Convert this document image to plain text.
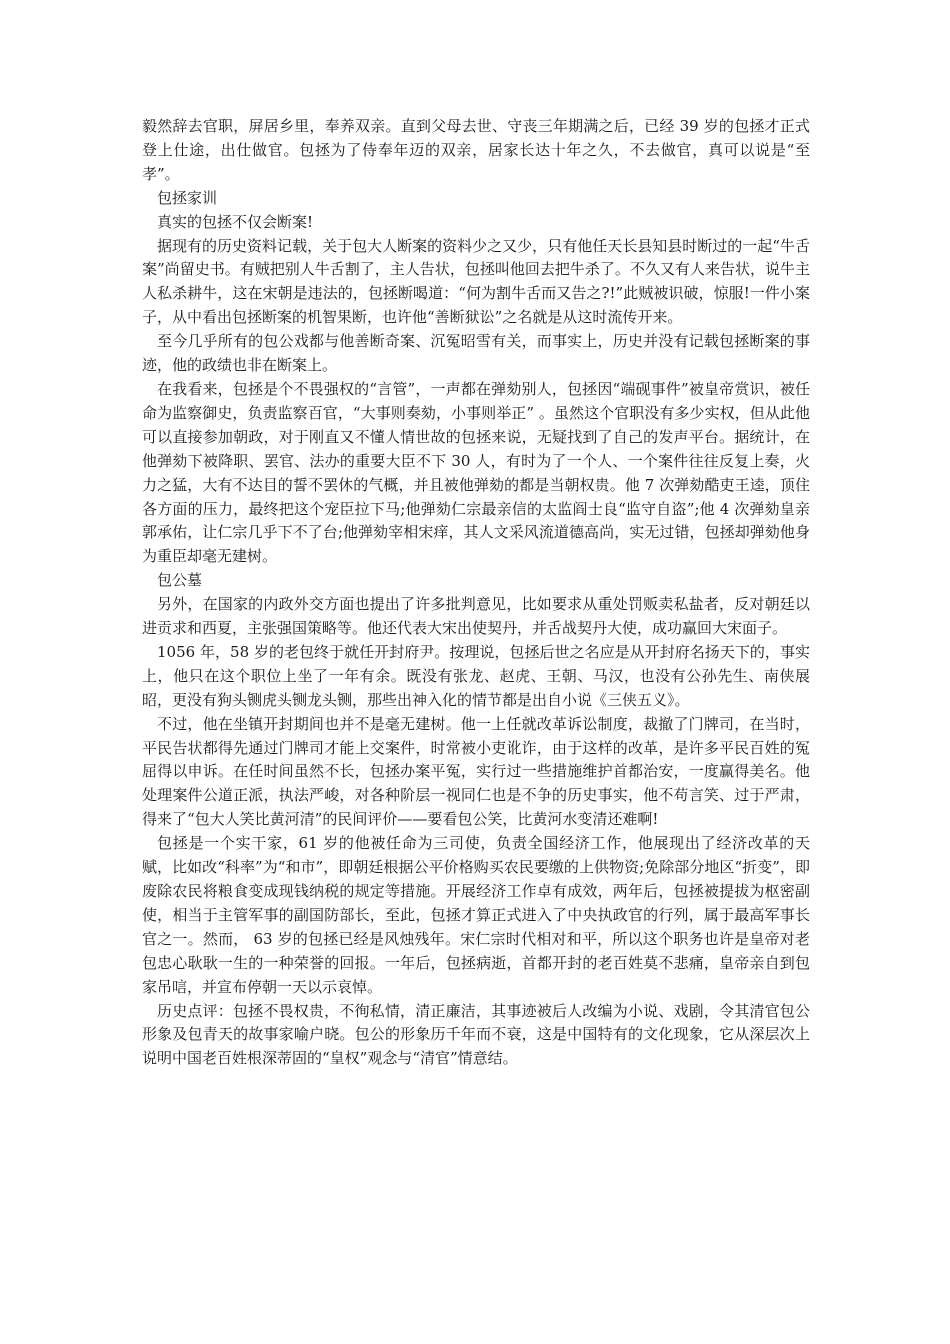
毅然辞去官职，屏居乡里，奉养双亲。直到父母去世、守丧三年期满之后，已经 39 岁的包拯才正式登上仕途，出仕做官。包拯为了侍奉年迈的双亲，居家长达十年之久，不去做官，真可以说是“至孝”。

包拯家训

真实的包拯不仅会断案!

据现有的历史资料记载，关于包大人断案的资料少之又少，只有他任天长县知县时断过的一起“牛舌案”尚留史书。有贼把别人牛舌割了，主人告状，包拯叫他回去把牛杀了。不久又有人来告状，说牛主人私杀耕牛，这在宋朝是违法的，包拯断喝道：“何为割牛舌而又告之?!”此贼被识破，惊服!一件小案子，从中看出包拯断案的机智果断，也许他“善断狱讼”之名就是从这时流传开来。

至今几乎所有的包公戏都与他善断奇案、沉冤昭雪有关，而事实上，历史并没有记载包拯断案的事迹，他的政绩也非在断案上。

在我看来，包拯是个不畏强权的“言管”，一声都在弹劾别人，包拯因“端砚事件”被皇帝赏识，被任命为监察御史，负责监察百官，“大事则奏劾，小事则举正” 。虽然这个官职没有多少实权，但从此他可以直接参加朝政，对于刚直又不懂人情世故的包拯来说，无疑找到了自己的发声平台。据统计，在他弹劾下被降职、罢官、法办的重要大臣不下 30 人，有时为了一个人、一个案件往往反复上奏，火力之猛，大有不达目的誓不罢休的气概，并且被他弹劾的都是当朝权贵。他 7 次弹劾酷吏王逵，顶住各方面的压力，最终把这个宠臣拉下马;他弹劾仁宗最亲信的太监阎士良“监守自盗”;他 4 次弹劾皇亲郭承佑，让仁宗几乎下不了台;他弹劾宰相宋痒，其人文采风流道德高尚，实无过错，包拯却弹劾他身为重臣却毫无建树。

包公墓

另外，在国家的内政外交方面也提出了许多批判意见，比如要求从重处罚贩卖私盐者，反对朝廷以进贡求和西夏，主张强国策略等。他还代表大宋出使契丹，并舌战契丹大使，成功赢回大宋面子。

1056 年，58 岁的老包终于就任开封府尹。按理说，包拯后世之名应是从开封府名扬天下的，事实上，他只在这个职位上坐了一年有余。既没有张龙、赵虎、王朝、马汉，也没有公孙先生、南侠展昭，更没有狗头铡虎头铡龙头铡，那些出神入化的情节都是出自小说《三侠五义》。

不过，他在坐镇开封期间也并不是毫无建树。他一上任就改革诉讼制度，裁撤了门牌司，在当时，平民告状都得先通过门牌司才能上交案件，时常被小吏讹诈，由于这样的改革，是许多平民百姓的冤屈得以申诉。在任时间虽然不长，包拯办案平冤，实行过一些措施维护首都治安，一度赢得美名。他处理案件公道正派，执法严峻，对各种阶层一视同仁也是不争的历史事实，他不苟言笑、过于严肃，得来了“包大人笑比黄河清”的民间评价——要看包公笑，比黄河水变清还难啊!

包拯是一个实干家，61 岁的他被任命为三司使，负责全国经济工作，他展现出了经济改革的天赋，比如改“科率”为“和市”，即朝廷根据公平价格购买农民要缴的上供物资;免除部分地区“折变”，即废除农民将粮食变成现钱纳税的规定等措施。开展经济工作卓有成效，两年后，包拯被提拔为枢密副使，相当于主管军事的副国防部长，至此，包拯才算正式进入了中央执政官的行列，属于最高军事长官之一。然而， 63 岁的包拯已经是风烛残年。宋仁宗时代相对和平，所以这个职务也许是皇帝对老包忠心耿耿一生的一种荣誉的回报。一年后，包拯病逝，首都开封的老百姓莫不悲痛，皇帝亲自到包家吊唁，并宣布停朝一天以示哀悼。

历史点评：包拯不畏权贵，不徇私情，清正廉洁，其事迹被后人改编为小说、戏剧，令其清官包公形象及包青天的故事家喻户晓。包公的形象历千年而不衰，这是中国特有的文化现象，它从深层次上说明中国老百姓根深蒂固的“皇权”观念与“清官”情意结。
